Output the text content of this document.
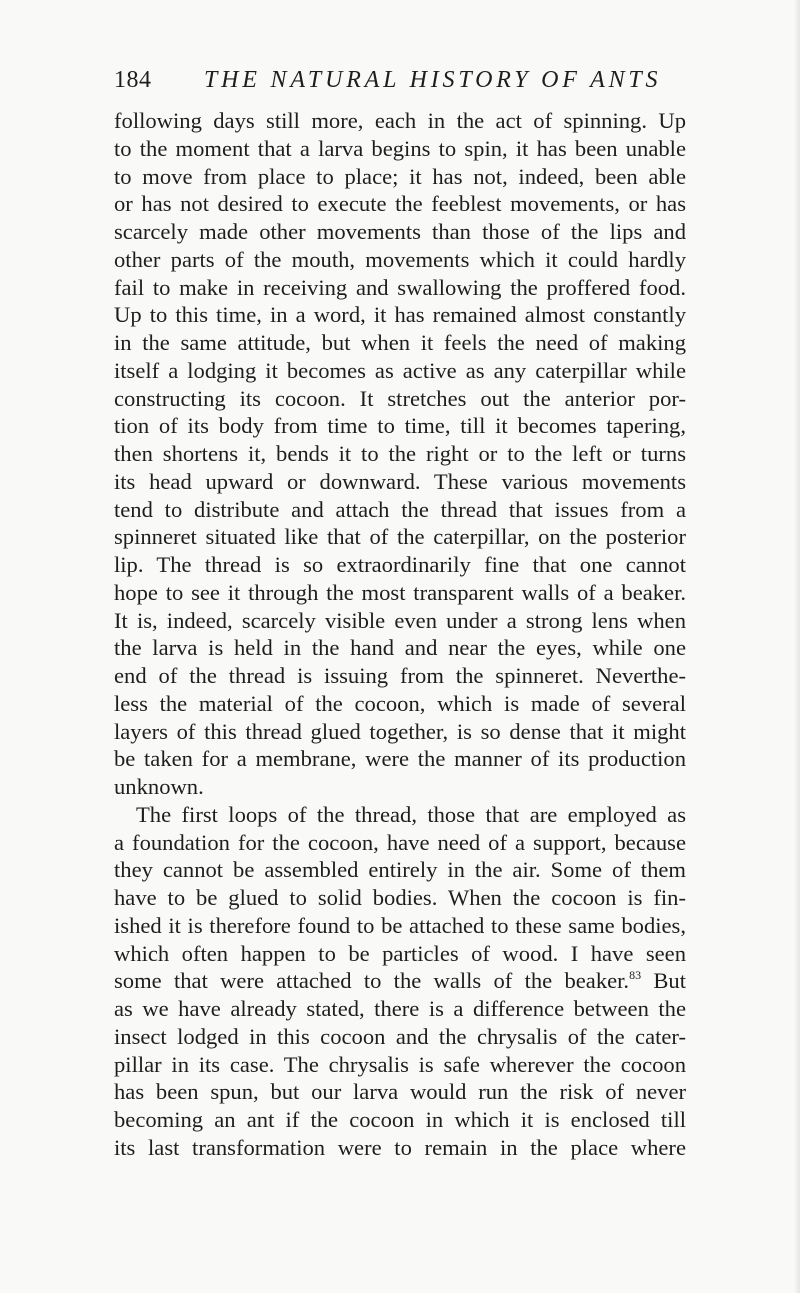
184 THE NATURAL HISTORY OF ANTS
following days still more, each in the act of spinning. Up
to the moment that a larva begins to spin, it has been unable
to move from place to place; it has not, indeed, been able
or has not desired to execute the feeblest movements, or has
scarcely made other movements than those of the lips and
other parts of the mouth, movements which it could hardly
fail to make in receiving and swallowing the proffered food.
Up to this time, in a word, it has remained almost constantly
in the same attitude, but when it feels the need of making
itself a lodging it becomes as active as any caterpillar while
constructing its cocoon. It stretches out the anterior por-
tion of its body from time to time, till it becomes tapering,
then shortens it, bends it to the right or to the left or turns
its head upward or downward. These various movements
tend to distribute and attach the thread that issues from a
spinneret situated like that of the caterpillar, on the posterior
lip. The thread is so extraordinarily fine that one cannot
hope to see it through the most transparent walls of a beaker.
It is, indeed, scarcely visible even under a strong lens when
the larva is held in the hand and near the eyes, while one
end of the thread is issuing from the spinneret. Neverthe-
less the material of the cocoon, which is made of several
layers of this thread glued together, is so dense that it might
be taken for a membrane, were the manner of its production
unknown.
The first loops of the thread, those that are employed as
a foundation for the cocoon, have need of a support, because
they cannot be assembled entirely in the air. Some of them
have to be glued to solid bodies. When the cocoon is fin-
ished it is therefore found to be attached to these same bodies,
which often happen to be particles of wood. I have seen
some that were attached to the walls of the beaker.$^{83}$ But
as we have already stated, there is a difference between the
insect lodged in this cocoon and the chrysalis of the cater-
pillar in its case. The chrysalis is safe wherever the cocoon
has been spun, but our larva would run the risk of never
becoming an ant if the cocoon in which it is enclosed till
its last transformation were to remain in the place where
